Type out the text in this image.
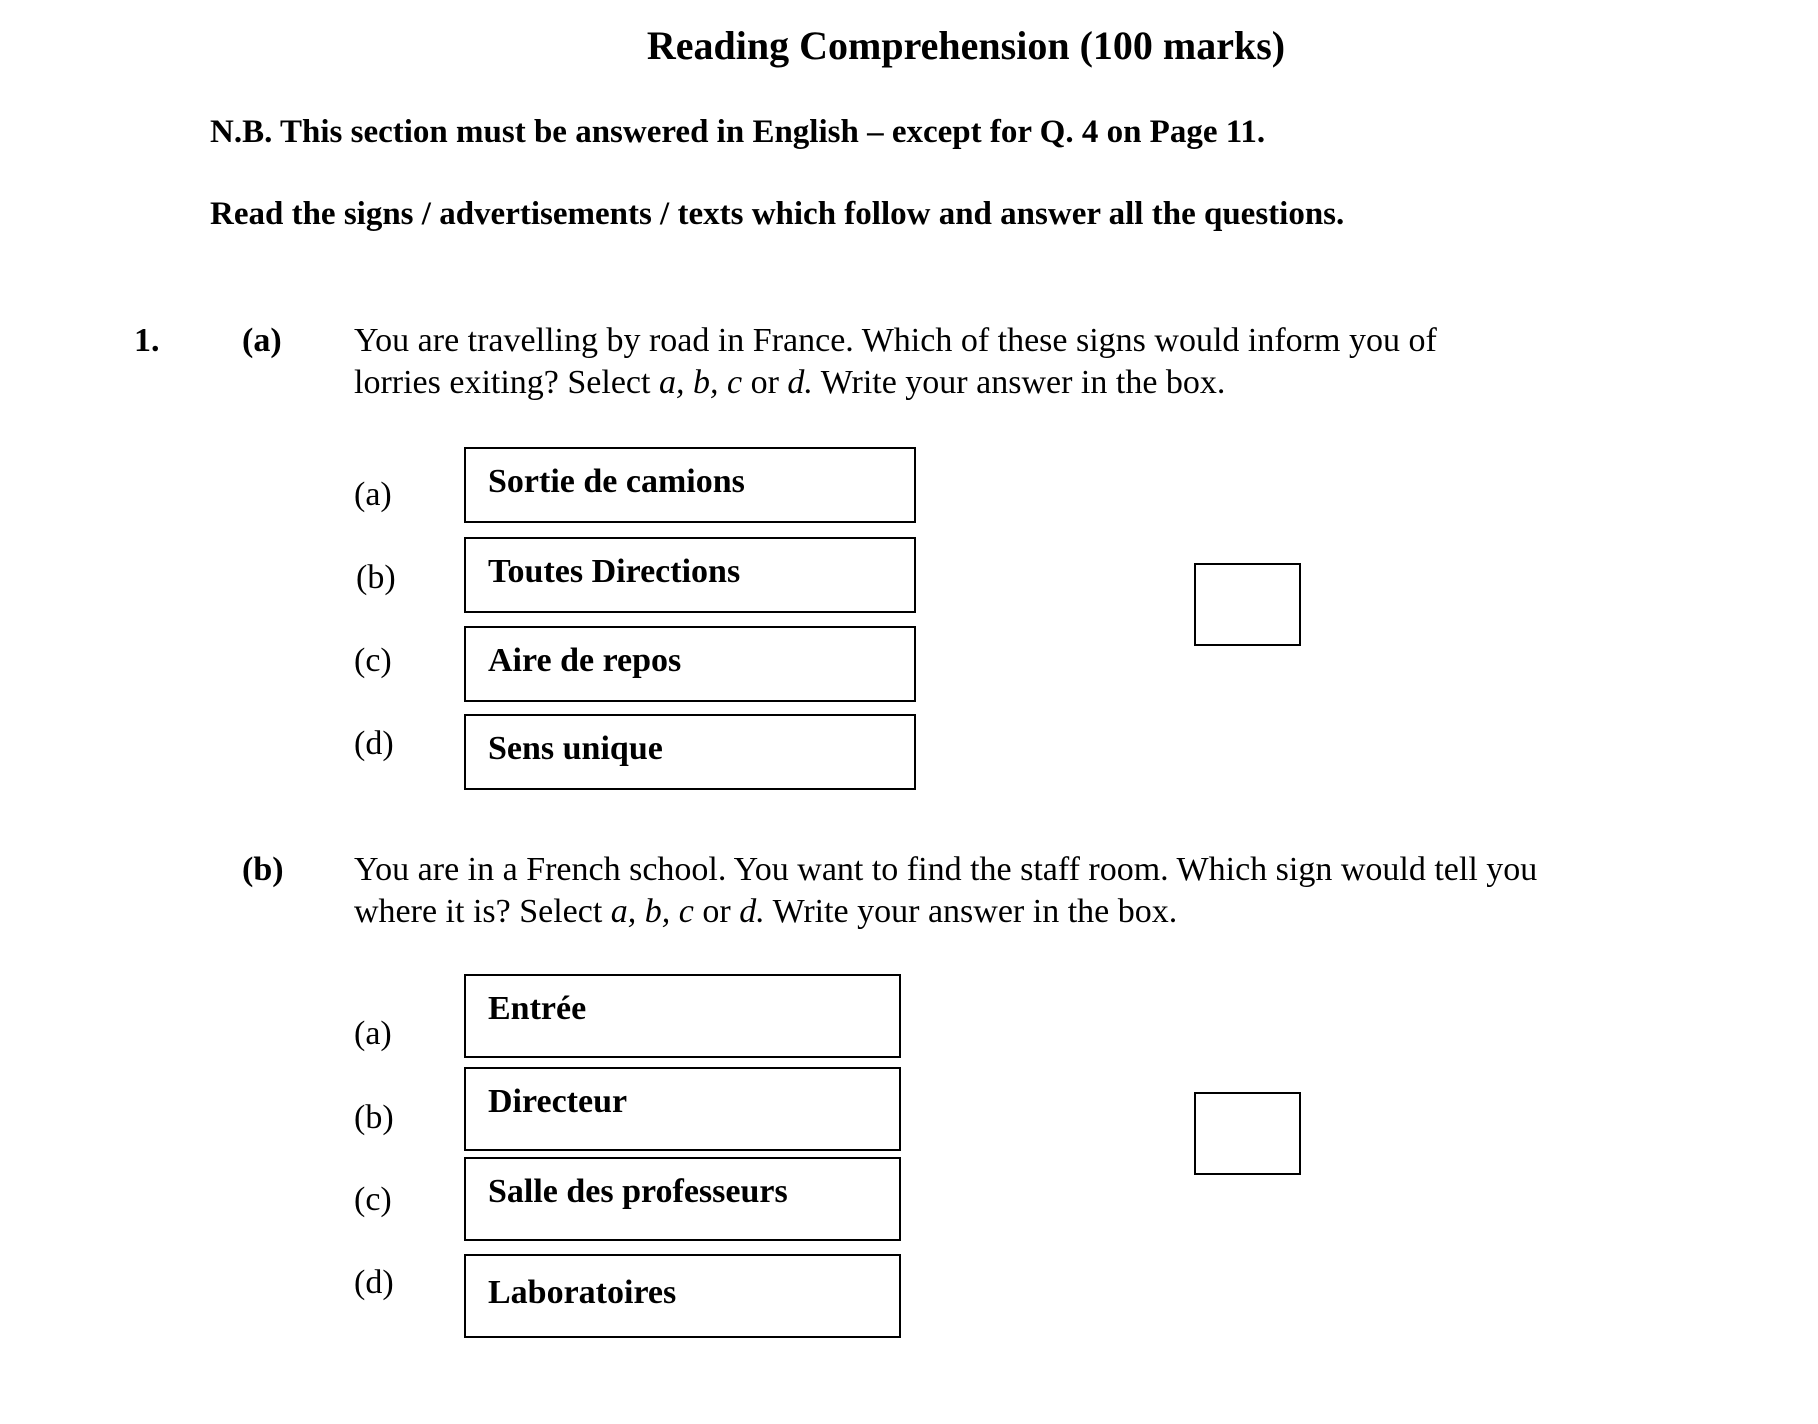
Reading Comprehension (100 marks)
N.B. This section must be answered in English – except for Q. 4 on Page 11.
Read the signs / advertisements / texts which follow and answer all the questions.
1. (a) You are travelling by road in France. Which of these signs would inform you of
lorries exiting? Select a, b, c or d. Write your answer in the box.
(a)
(b)
(c)
(d)
Sortie de camions
Toutes Directions
Aire de repos
Sens unique
(b) You are in a French school. You want to find the staff room. Which sign would tell you
where it is? Select a, b, c or d. Write your answer in the box.
(a)
(b)
(c)
(d)
Entrée
Directeur
Salle des professeurs
Laboratoires
